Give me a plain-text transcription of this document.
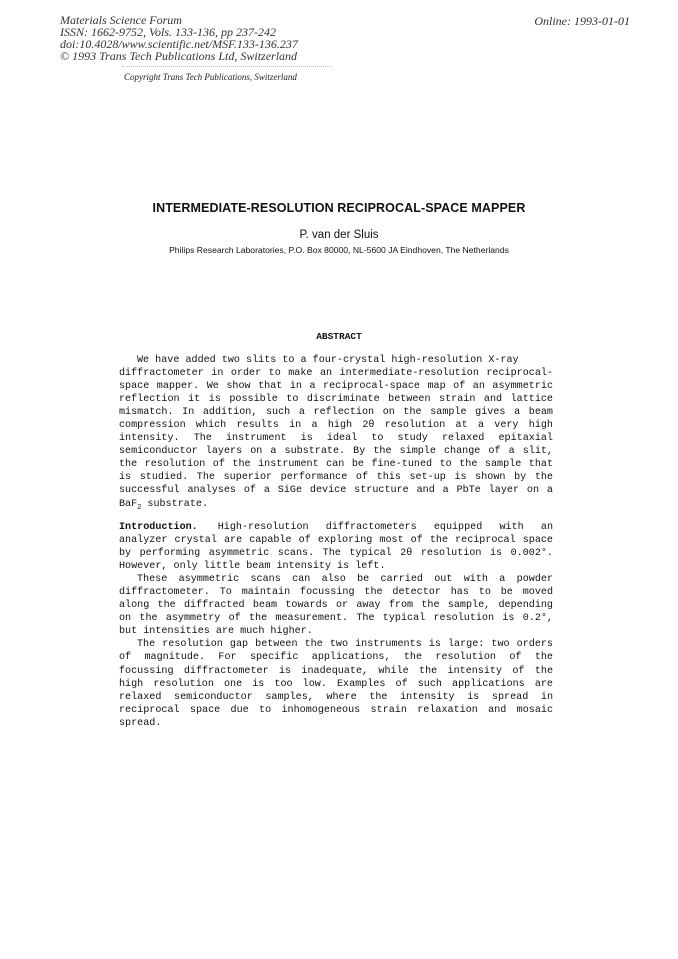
Materials Science Forum
ISSN: 1662-9752, Vols. 133-136, pp 237-242
doi:10.4028/www.scientific.net/MSF.133-136.237
© 1993 Trans Tech Publications Ltd, Switzerland
Online: 1993-01-01
Copyright Trans Tech Publications, Switzerland
INTERMEDIATE-RESOLUTION RECIPROCAL-SPACE MAPPER
P. van der Sluis
Philips Research Laboratories, P.O. Box 80000, NL-5600 JA Eindhoven, The Netherlands
ABSTRACT
We have added two slits to a four-crystal high-resolution X-ray
diffractometer in order to make an intermediate-resolution reciprocal-
space mapper. We show that in a reciprocal-space map of an asymmetric
reflection it is possible to discriminate between strain and lattice
mismatch. In addition, such a reflection on the sample gives a beam
compression which results in a high 2θ resolution at a very high
intensity. The instrument is ideal to study relaxed epitaxial
semiconductor layers on a substrate. By the simple change of a slit,
the resolution of the instrument can be fine-tuned to the sample that
is studied. The superior performance of this set-up is shown by the
successful analyses of a SiGe device structure and a PbTe layer on a
BaF$_2$ substrate.
Introduction. High-resolution diffractometers equipped with an
analyzer crystal are capable of exploring most of the reciprocal space
by performing asymmetric scans. The typical 2θ resolution is 0.002°.
However, only little beam intensity is left.
These asymmetric scans can also be carried out with a powder
diffractometer. To maintain focussing the detector has to be moved
along the diffracted beam towards or away from the sample, depending
on the asymmetry of the measurement. The typical resolution is 0.2°,
but intensities are much higher.
The resolution gap between the two instruments is large: two orders
of magnitude. For specific applications, the resolution of the
focussing diffractometer is inadequate, while the intensity of the
high resolution one is too low. Examples of such applications are
relaxed semiconductor samples, where the intensity is spread in
reciprocal space due to inhomogeneous strain relaxation and mosaic
spread.
